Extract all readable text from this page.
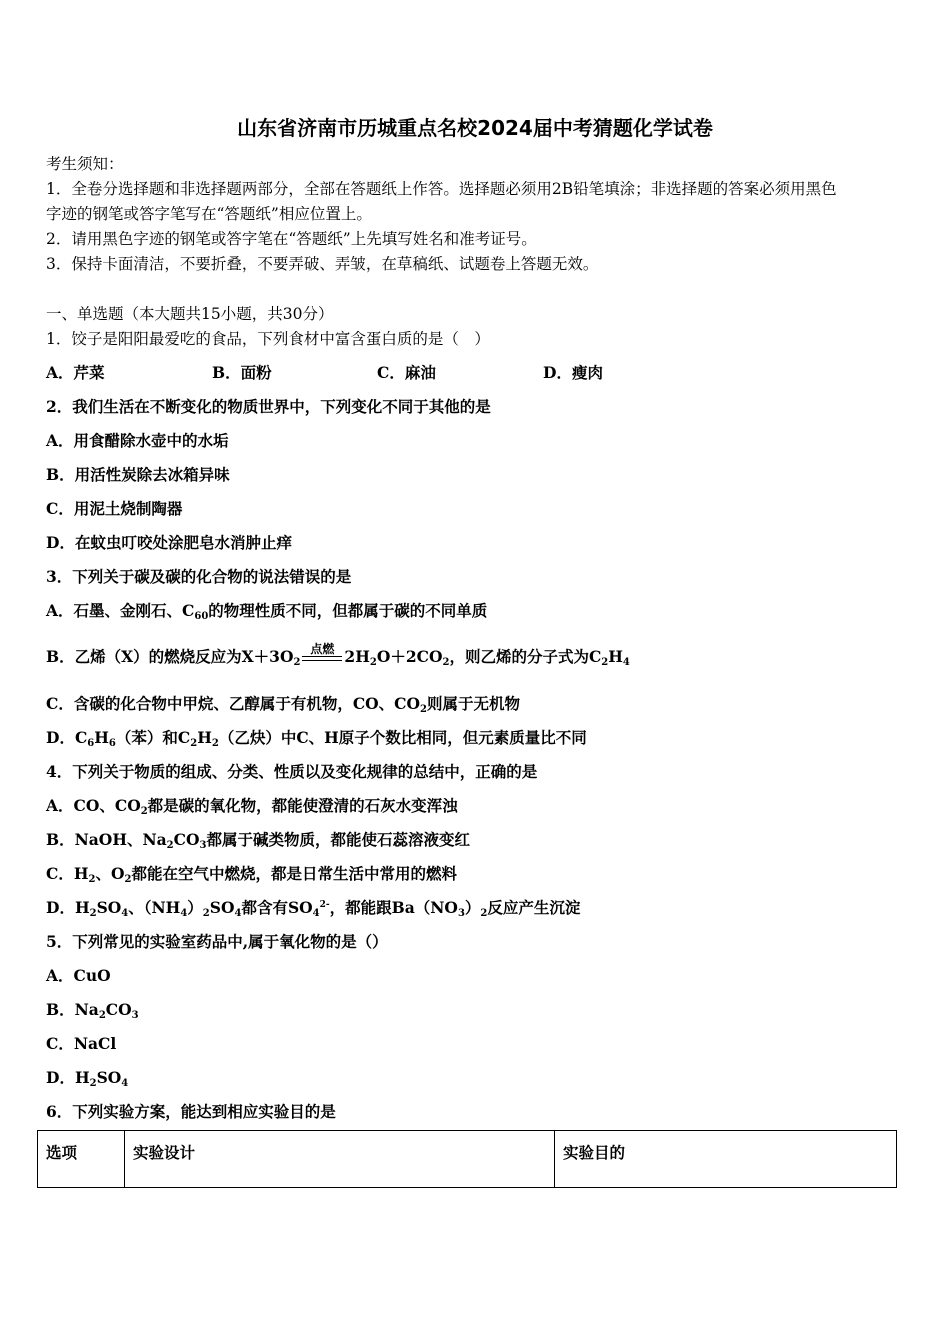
山东省济南市历城重点名校2024届中考猜题化学试卷
考生须知：
1．全卷分选择题和非选择题两部分，全部在答题纸上作答。选择题必须用2B铅笔填涂；非选择题的答案必须用黑色
字迹的钢笔或答字笔写在“答题纸”相应位置上。
2．请用黑色字迹的钢笔或答字笔在“答题纸”上先填写姓名和准考证号。
3．保持卡面清洁，不要折叠，不要弄破、弄皱，在草稿纸、试题卷上答题无效。
一、单选题（本大题共15小题，共30分）
1．饺子是阳阳最爱吃的食品，下列食材中富含蛋白质的是（　）
A．芹菜	B．面粉	C．麻油	D．瘦肉
2．我们生活在不断变化的物质世界中，下列变化不同于其他的是
A．用食醋除水壶中的水垢
B．用活性炭除去冰箱异味
C．用泥土烧制陶器
D．在蚊虫叮咬处涂肥皂水消肿止痒
3．下列关于碳及碳的化合物的说法错误的是
A．石墨、金刚石、$C_{60}$的物理性质不同，但都属于碳的不同单质
B．乙烯（X）的燃烧反应为$X+3O_2$
点燃 $2H_2O+2CO_2$，则乙烯的分子式为$C_2H_4$
C．含碳的化合物中甲烷、乙醇属于有机物，CO、$CO_2$则属于无机物
D．$C_6H_6$（苯）和$C_2H_2$（乙炔）中C、H原子个数比相同，但元素质量比不同
4．下列关于物质的组成、分类、性质以及变化规律的总结中，正确的是
A．CO、$CO_2$都是碳的氧化物，都能使澄清的石灰水变浑浊
B．NaOH、$Na_2CO_3$都属于碱类物质，都能使石蕊溶液变红
C．$H_2$、$O_2$都能在空气中燃烧，都是日常生活中常用的燃料
D．$H_2SO_4$、$(NH_4)_2SO_4$都含有$SO_4^{2-}$，都能跟$Ba(NO_3)_2$反应产生沉淀
5．下列常见的实验室药品中,属于氧化物的是（）
A．CuO
B．$Na_2CO_3$
C．NaCl
D．$H_2SO_4$
6．下列实验方案，能达到相应实验目的是
选项	实验设计	实验目的
